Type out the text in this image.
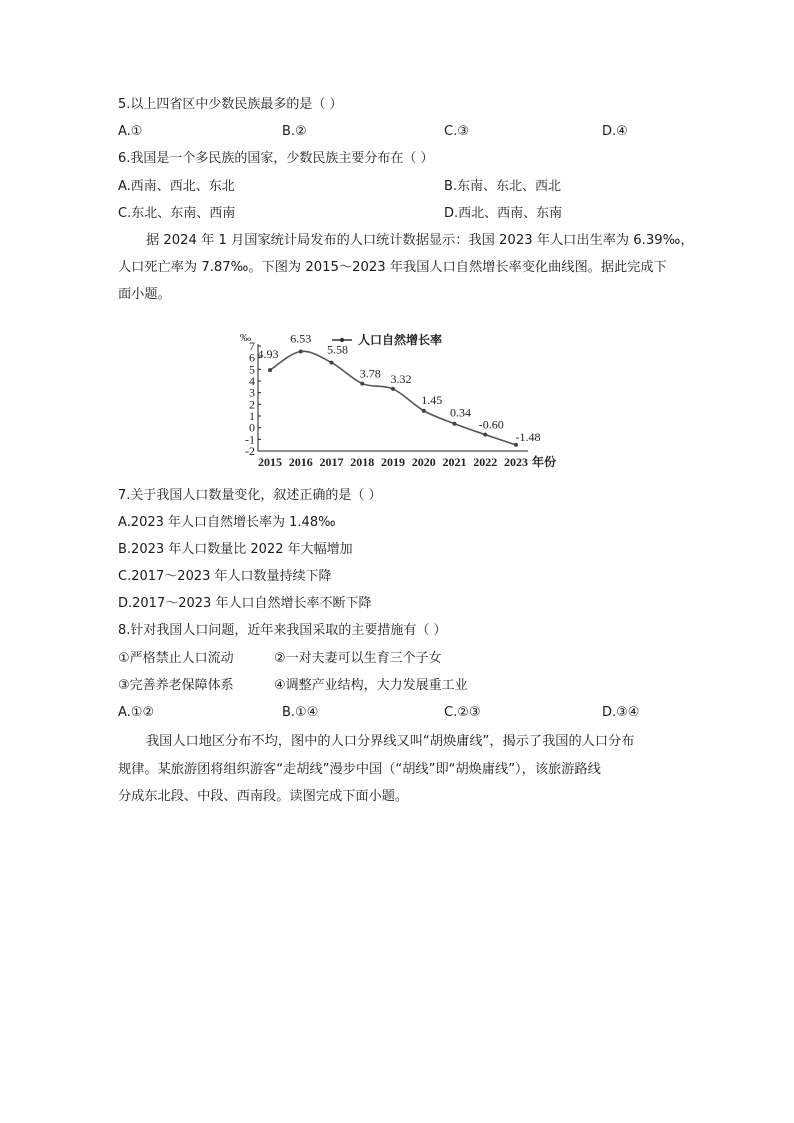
5.以上四省区中少数民族最多的是（ ）
A.①	B.②	C.③	D.④
6.我国是一个多民族的国家，少数民族主要分布在（ ）
A.西南、西北、东北	B.东南、东北、西北
C.东北、东南、西南	D.西北、西南、东南
据 2024 年 1 月国家统计局发布的人口统计数据显示：我国 2023 年人口出生率为 6.39‰，
人口死亡率为 7.87‰。下图为 2015～2023 年我国人口自然增长率变化曲线图。据此完成下
面小题。
‰
7
6
5
4
3
2
1
0
-1
-2
2015 2016 2017 2018 2019 2020 2021 2022 2023 年份
人口自然增长率
4.93
6.53
5.58
3.78 3.32
1.45
0.34
-0.60
-1.48
7.关于我国人口数量变化，叙述正确的是（ ）
A.2023 年人口自然增长率为 1.48‰
B.2023 年人口数量比 2022 年大幅增加
C.2017～2023 年人口数量持续下降
D.2017～2023 年人口自然增长率不断下降
8.针对我国人口问题，近年来我国采取的主要措施有（ ）
①严格禁止人口流动	②一对夫妻可以生育三个子女
③完善养老保障体系	④调整产业结构，大力发展重工业
A.①②	B.①④	C.②③	D.③④
我国人口地区分布不均，图中的人口分界线又叫“胡焕庸线”，揭示了我国的人口分布
规律。某旅游团将组织游客“走胡线”漫步中国（“胡线”即“胡焕庸线”），该旅游路线
分成东北段、中段、西南段。读图完成下面小题。
